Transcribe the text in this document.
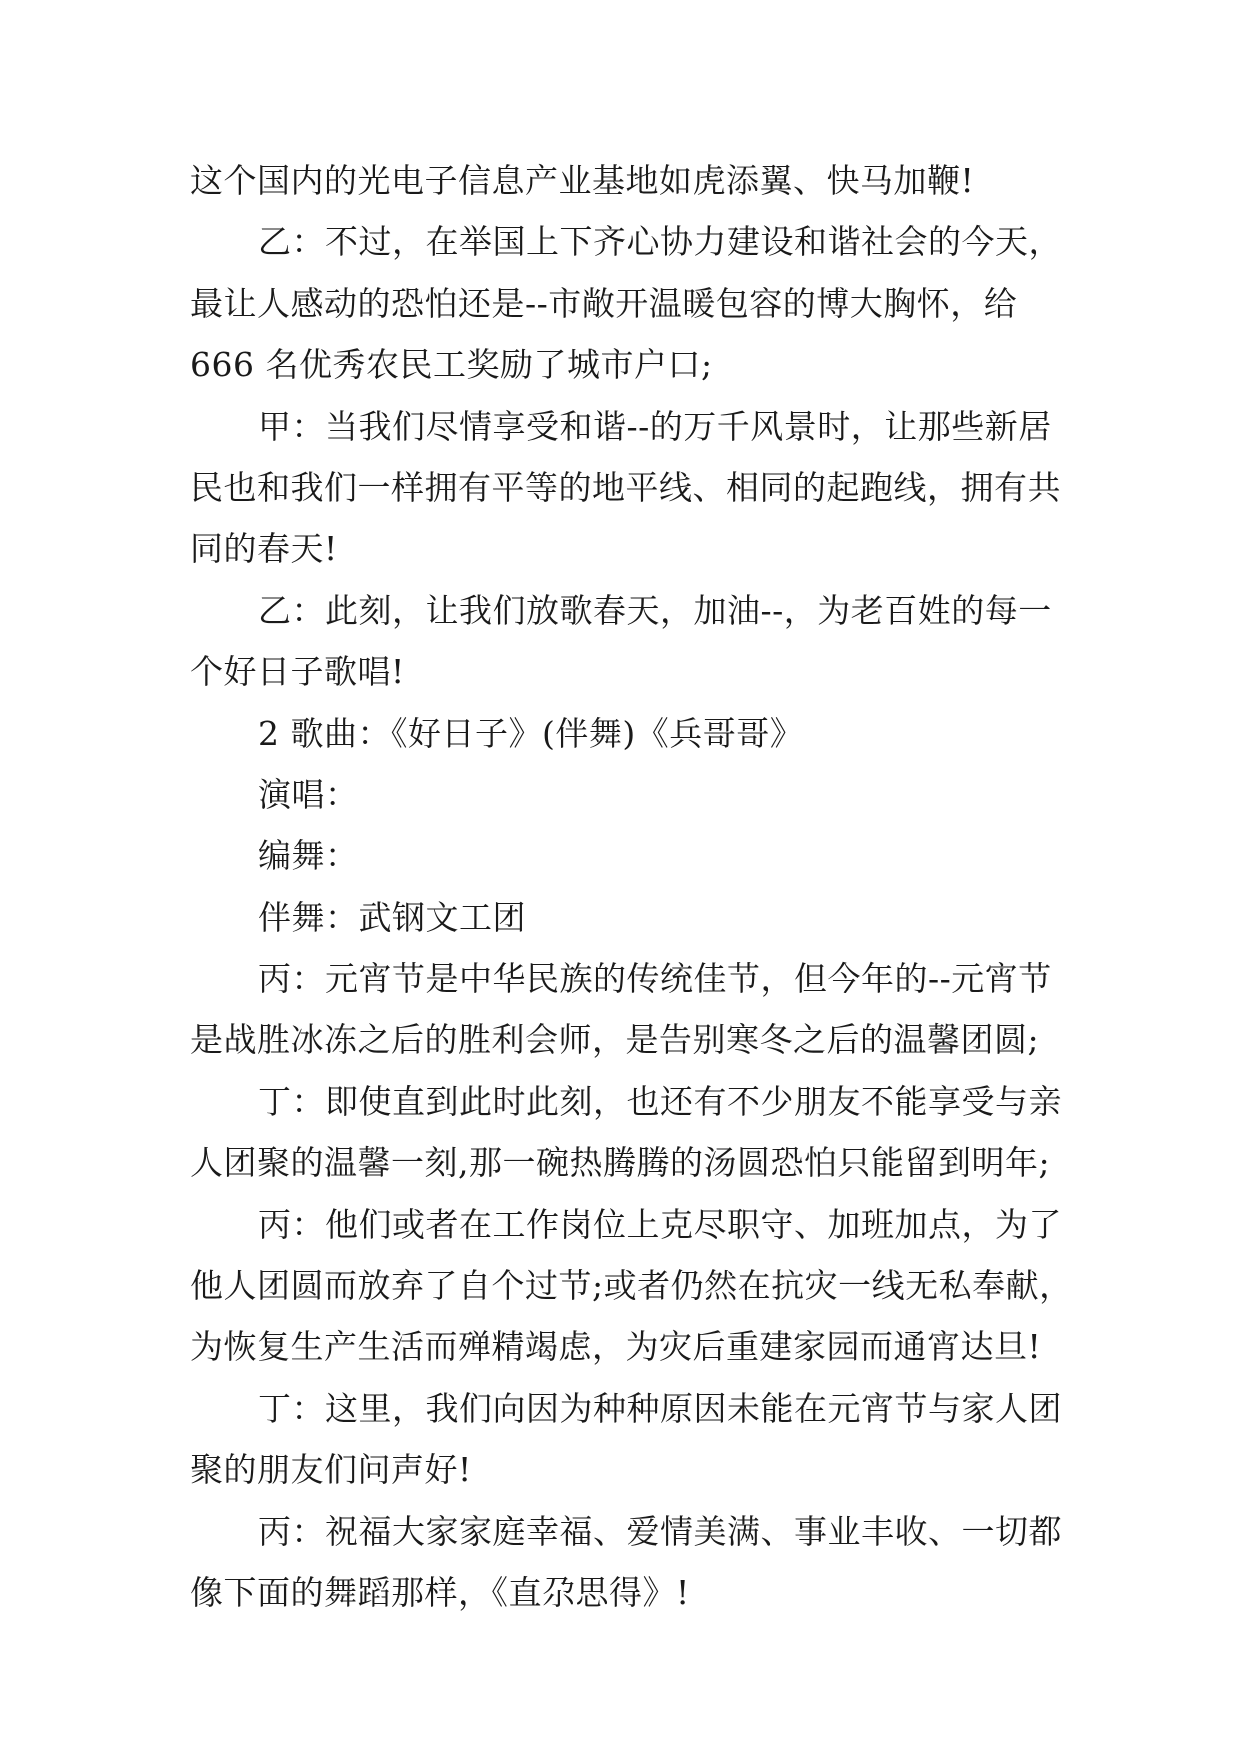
这个国内的光电子信息产业基地如虎添翼、快马加鞭!
乙：不过，在举国上下齐心协力建设和谐社会的今天，
最让人感动的恐怕还是--市敞开温暖包容的博大胸怀，给
666 名优秀农民工奖励了城市户口;
甲：当我们尽情享受和谐--的万千风景时，让那些新居
民也和我们一样拥有平等的地平线、相同的起跑线，拥有共
同的春天!
乙：此刻，让我们放歌春天，加油--，为老百姓的每一
个好日子歌唱!
2 歌曲：《好日子》(伴舞)《兵哥哥》
演唱：
编舞：
伴舞：武钢文工团
丙：元宵节是中华民族的传统佳节，但今年的--元宵节
是战胜冰冻之后的胜利会师，是告别寒冬之后的温馨团圆;
丁：即使直到此时此刻，也还有不少朋友不能享受与亲
人团聚的温馨一刻,那一碗热腾腾的汤圆恐怕只能留到明年;
丙：他们或者在工作岗位上克尽职守、加班加点，为了
他人团圆而放弃了自个过节;或者仍然在抗灾一线无私奉献，
为恢复生产生活而殚精竭虑，为灾后重建家园而通宵达旦!
丁：这里，我们向因为种种原因未能在元宵节与家人团
聚的朋友们问声好!
丙：祝福大家家庭幸福、爱情美满、事业丰收、一切都
像下面的舞蹈那样，《直尕思得》!
